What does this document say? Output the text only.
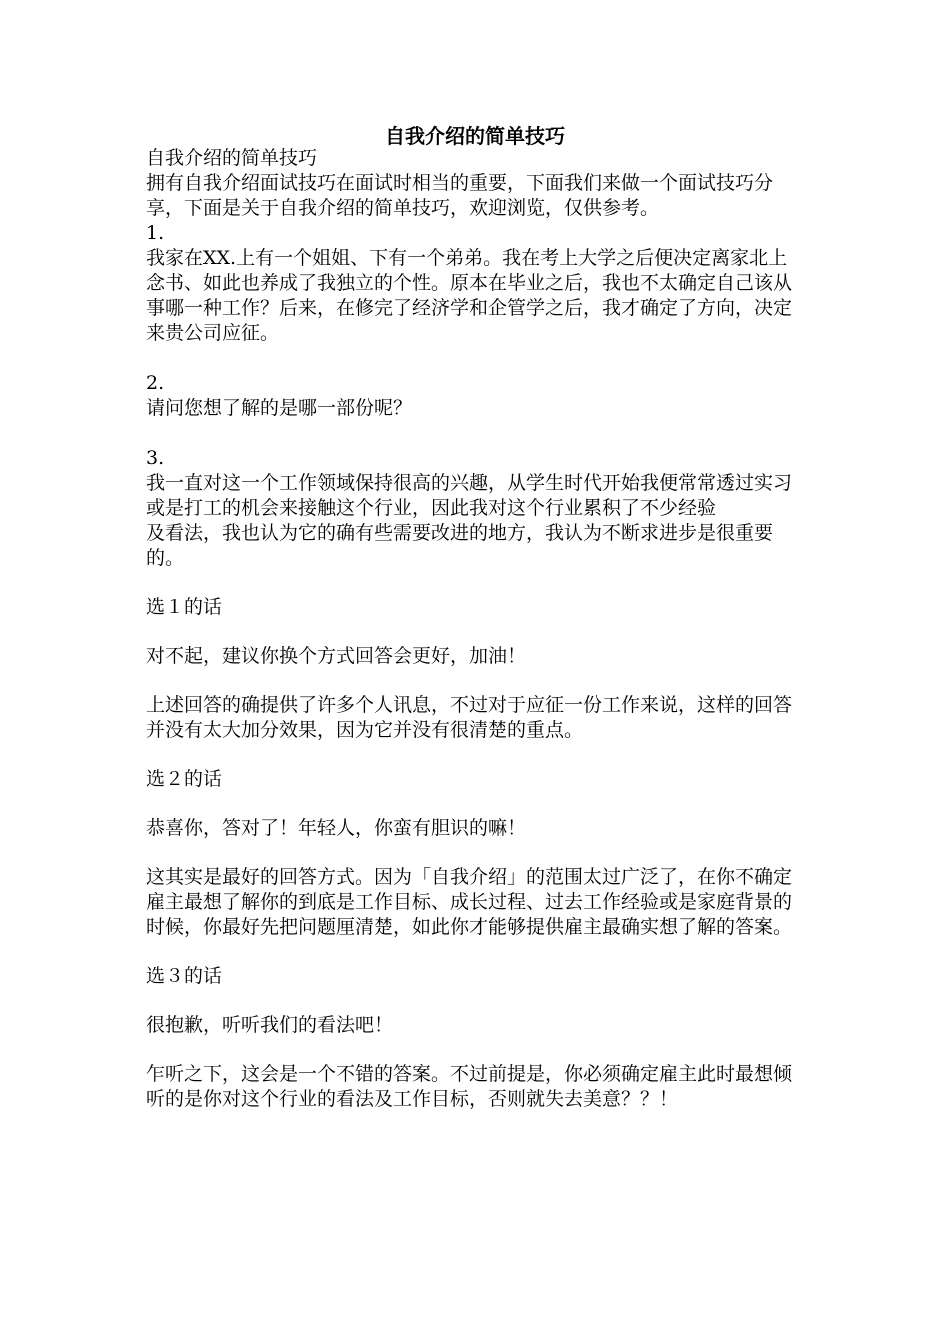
自我介绍的简单技巧

自我介绍的简单技巧

拥有自我介绍面试技巧在面试时相当的重要，下面我们来做一个面试技巧分享，下面是关于自我介绍的简单技巧，欢迎浏览，仅供参考。

1.

我家在XX.上有一个姐姐、下有一个弟弟。我在考上大学之后便决定离家北上念书、如此也养成了我独立的个性。原本在毕业之后，我也不太确定自己该从事哪一种工作？后来，在修完了经济学和企管学之后，我才确定了方向，决定来贵公司应征。

2.

请问您想了解的是哪一部份呢？

3.

我一直对这一个工作领域保持很高的兴趣，从学生时代开始我便常常透过实习或是打工的机会来接触这个行业，因此我对这个行业累积了不少经验

及看法，我也认为它的确有些需要改进的地方，我认为不断求进步是很重要的。

选１的话

对不起，建议你换个方式回答会更好，加油！

上述回答的确提供了许多个人讯息，不过对于应征一份工作来说，这样的回答并没有太大加分效果，因为它并没有很清楚的重点。

选２的话

恭喜你，答对了！年轻人，你蛮有胆识的嘛！

这其实是最好的回答方式。因为「自我介绍」的范围太过广泛了，在你不确定雇主最想了解你的到底是工作目标、成长过程、过去工作经验或是家庭背景的时候，你最好先把问题厘清楚，如此你才能够提供雇主最确实想了解的答案。

选３的话

很抱歉，听听我们的看法吧！

乍听之下，这会是一个不错的答案。不过前提是，你必须确定雇主此时最想倾听的是你对这个行业的看法及工作目标，否则就失去美意？？！
